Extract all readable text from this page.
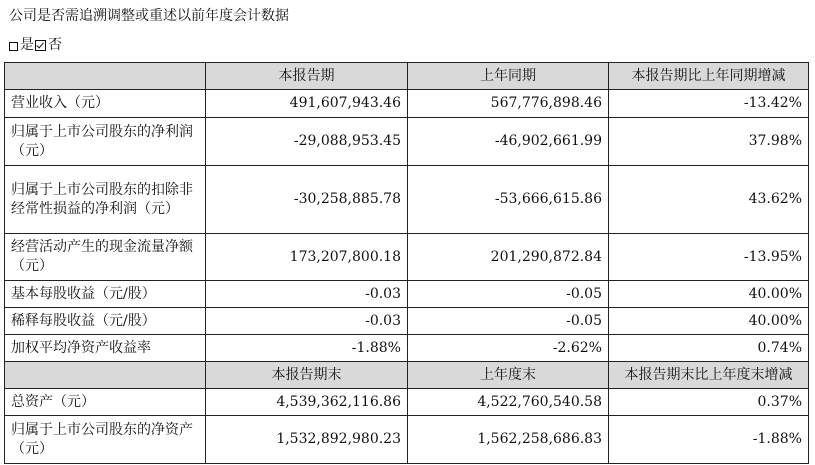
公司是否需追溯调整或重述以前年度会计数据
是 否
	本报告期	上年同期	本报告期比上年同期增减
营业收入（元）	491,607,943.46	567,776,898.46	-13.42%
归属于上市公司股东的净利润（元）	-29,088,953.45	-46,902,661.99	37.98%
归属于上市公司股东的扣除非经常性损益的净利润（元）	-30,258,885.78	-53,666,615.86	43.62%
经营活动产生的现金流量净额（元）	173,207,800.18	201,290,872.84	-13.95%
基本每股收益（元/股）	-0.03	-0.05	40.00%
稀释每股收益（元/股）	-0.03	-0.05	40.00%
加权平均净资产收益率	-1.88%	-2.62%	0.74%
	本报告期末	上年度末	本报告期末比上年度末增减
总资产（元）	4,539,362,116.86	4,522,760,540.58	0.37%
归属于上市公司股东的净资产（元）	1,532,892,980.23	1,562,258,686.83	-1.88%
